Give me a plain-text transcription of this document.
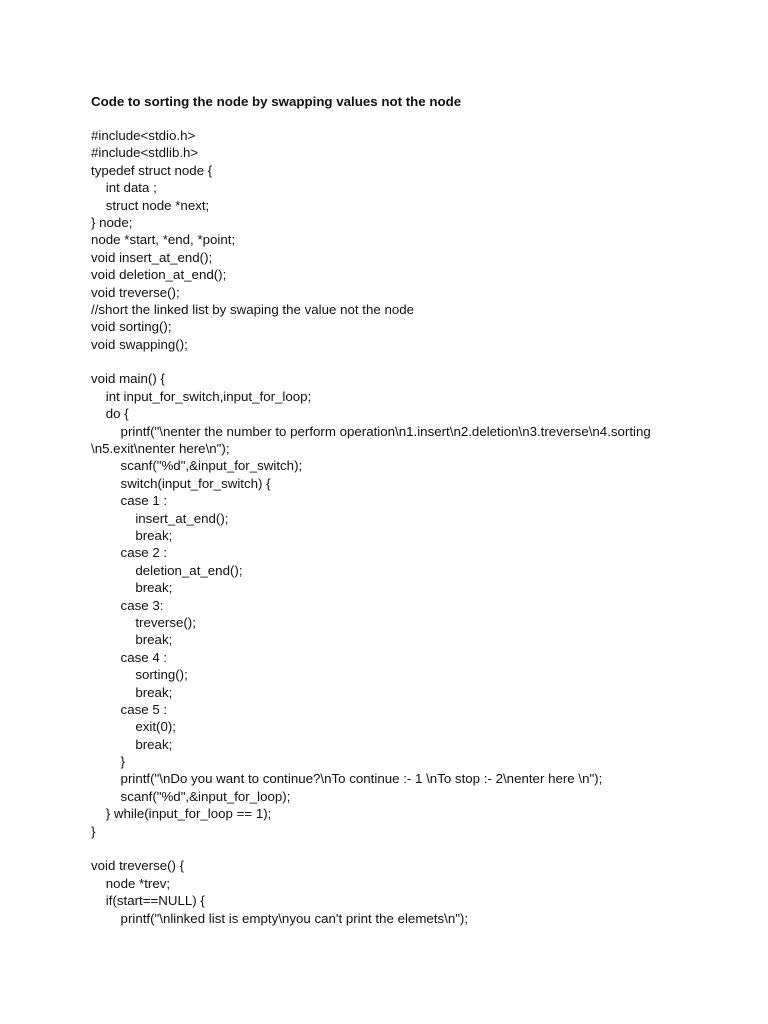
Code to sorting the node by swapping values not the node
#include<stdio.h>
#include<stdlib.h>
typedef struct node {
int data ;
struct node *next;
} node;
node *start, *end, *point;
void insert_at_end();
void deletion_at_end();
void treverse();
//short the linked list by swaping the value not the node
void sorting();
void swapping();
void main() {
int input_for_switch,input_for_loop;
do {
printf("\nenter the number to perform operation\n1.insert\n2.deletion\n3.treverse\n4.sorting
\n5.exit\nenter here\n");
scanf("%d",&input_for_switch);
switch(input_for_switch) {
case 1 :
insert_at_end();
break;
case 2 :
deletion_at_end();
break;
case 3:
treverse();
break;
case 4 :
sorting();
break;
case 5 :
exit(0);
break;
}
printf("\nDo you want to continue?\nTo continue :- 1 \nTo stop :- 2\nenter here \n");
scanf("%d",&input_for_loop);
} while(input_for_loop == 1);
}
void treverse() {
node *trev;
if(start==NULL) {
printf("\nlinked list is empty\nyou can't print the elemets\n");
